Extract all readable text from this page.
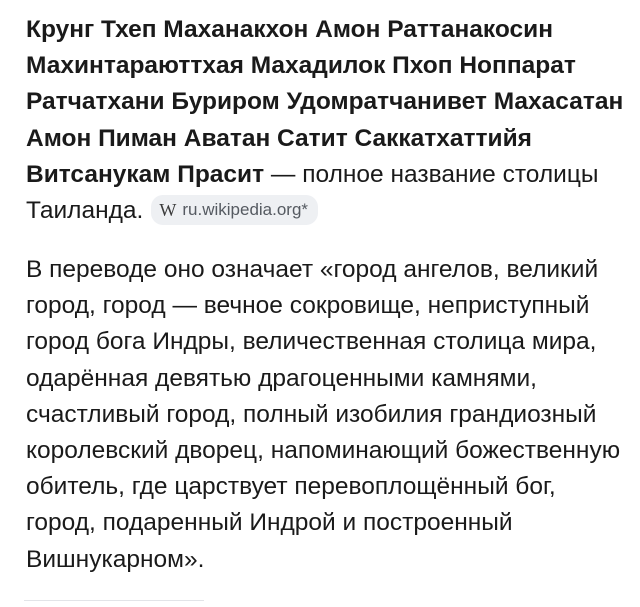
Крунг Тхеп Маханакхон Амон Раттанакосин Махинтараюттхая Махадилок Пхоп Ноппарат Ратчатхани Буриром Удомратчанивет Махасатан Амон Пиман Аватан Сатит Саккатхаттийя Витсанукам Прасит — полное название столицы Таиланда. W ru.wikipedia.org*

В переводе оно означает «город ангелов, великий город, город — вечное сокровище, неприступный город бога Индры, величественная столица мира, одарённая девятью драгоценными камнями, счастливый город, полный изобилия грандиозный королевский дворец, напоминающий божественную обитель, где царствует перевоплощённый бог, город, подаренный Индрой и построенный Вишнукарном».
